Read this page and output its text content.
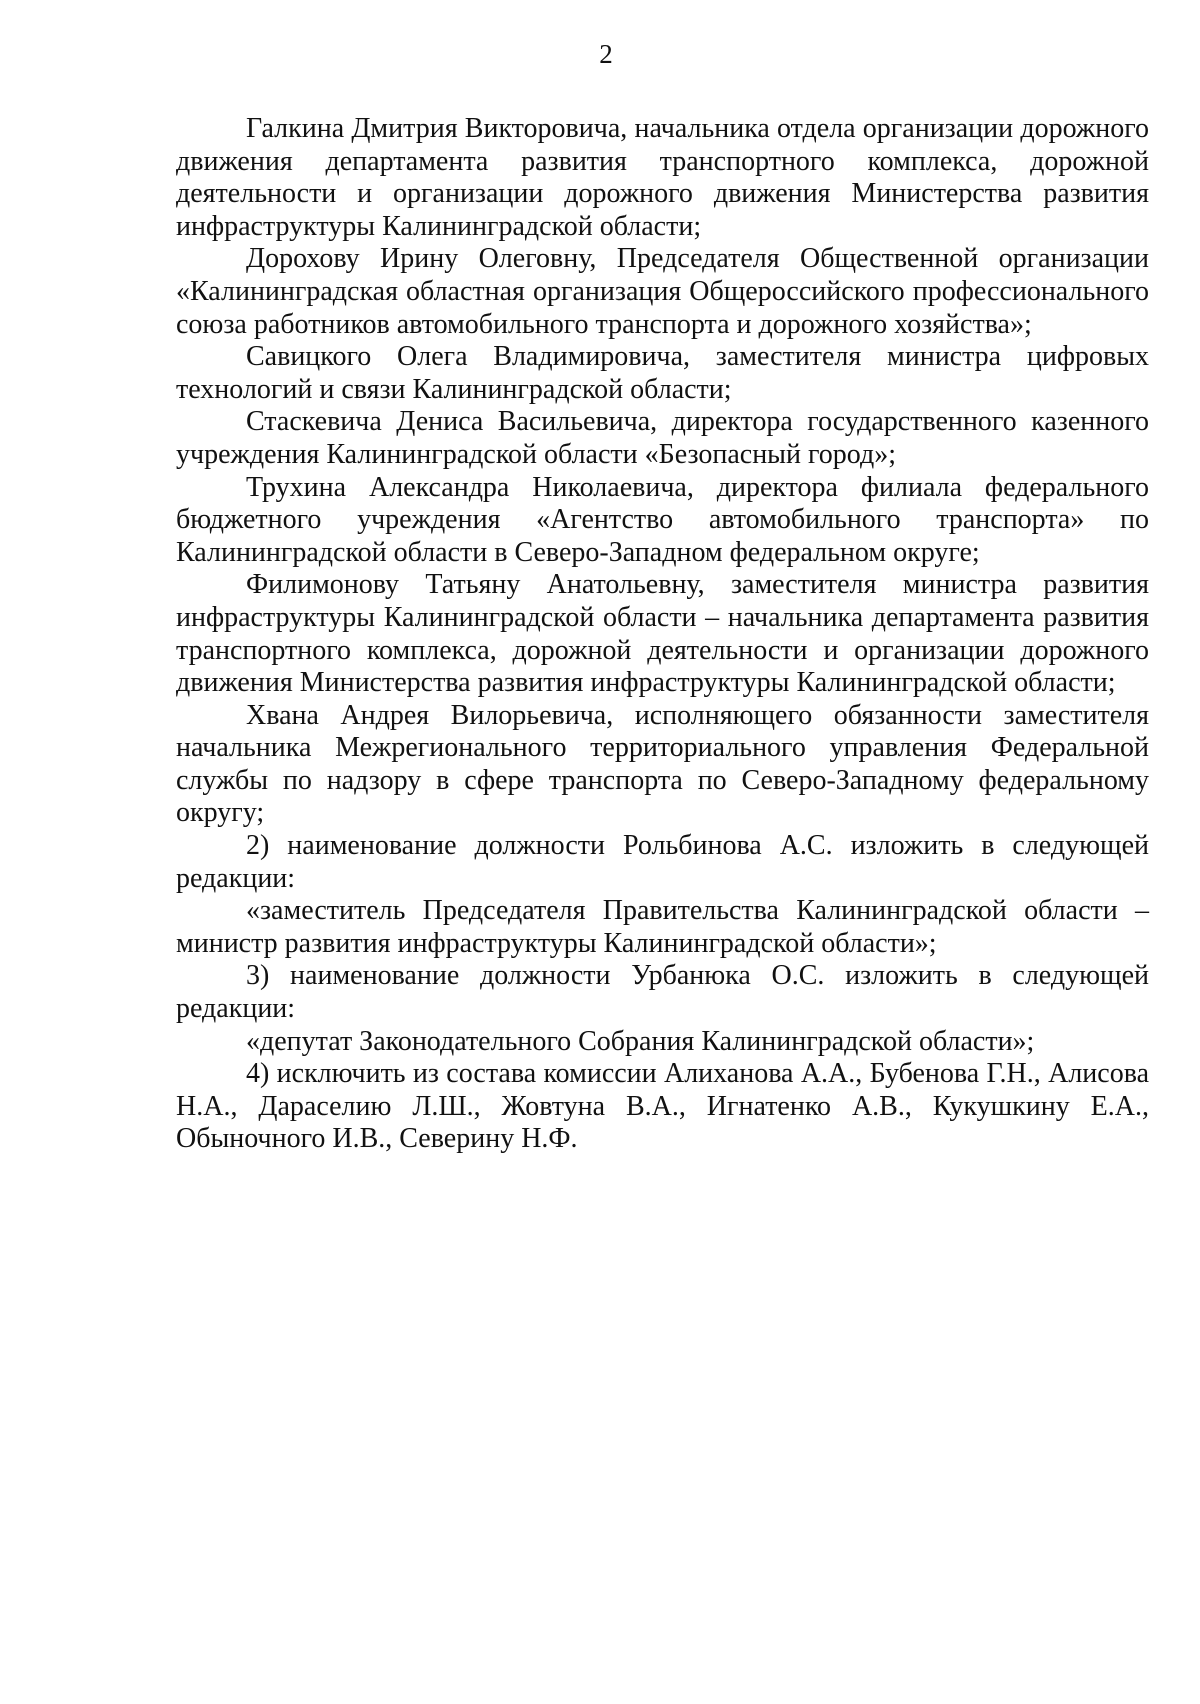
2

Галкина Дмитрия Викторовича, начальника отдела организации дорожного движения департамента развития транспортного комплекса, дорожной деятельности и организации дорожного движения Министерства развития инфраструктуры Калининградской области;

Дорохову Ирину Олеговну, Председателя Общественной организации «Калининградская областная организация Общероссийского профессионального союза работников автомобильного транспорта и дорожного хозяйства»;

Савицкого Олега Владимировича, заместителя министра цифровых технологий и связи Калининградской области;

Стаскевича Дениса Васильевича, директора государственного казенного учреждения Калининградской области «Безопасный город»;

Трухина Александра Николаевича, директора филиала федерального бюджетного учреждения «Агентство автомобильного транспорта» по Калининградской области в Северо-Западном федеральном округе;

Филимонову Татьяну Анатольевну, заместителя министра развития инфраструктуры Калининградской области – начальника департамента развития транспортного комплекса, дорожной деятельности и организации дорожного движения Министерства развития инфраструктуры Калининградской области;

Хвана Андрея Вилорьевича, исполняющего обязанности заместителя начальника Межрегионального территориального управления Федеральной службы по надзору в сфере транспорта по Северо-Западному федеральному округу;

2) наименование должности Рольбинова А.С. изложить в следующей редакции:

«заместитель Председателя Правительства Калининградской области – министр развития инфраструктуры Калининградской области»;

3) наименование должности Урбанюка О.С. изложить в следующей редакции:

«депутат Законодательного Собрания Калининградской области»;

4) исключить из состава комиссии Алиханова А.А., Бубенова Г.Н., Алисова Н.А., Дараселию Л.Ш., Жовтуна В.А., Игнатенко А.В., Кукушкину Е.А., Обыночного И.В., Северину Н.Ф.
